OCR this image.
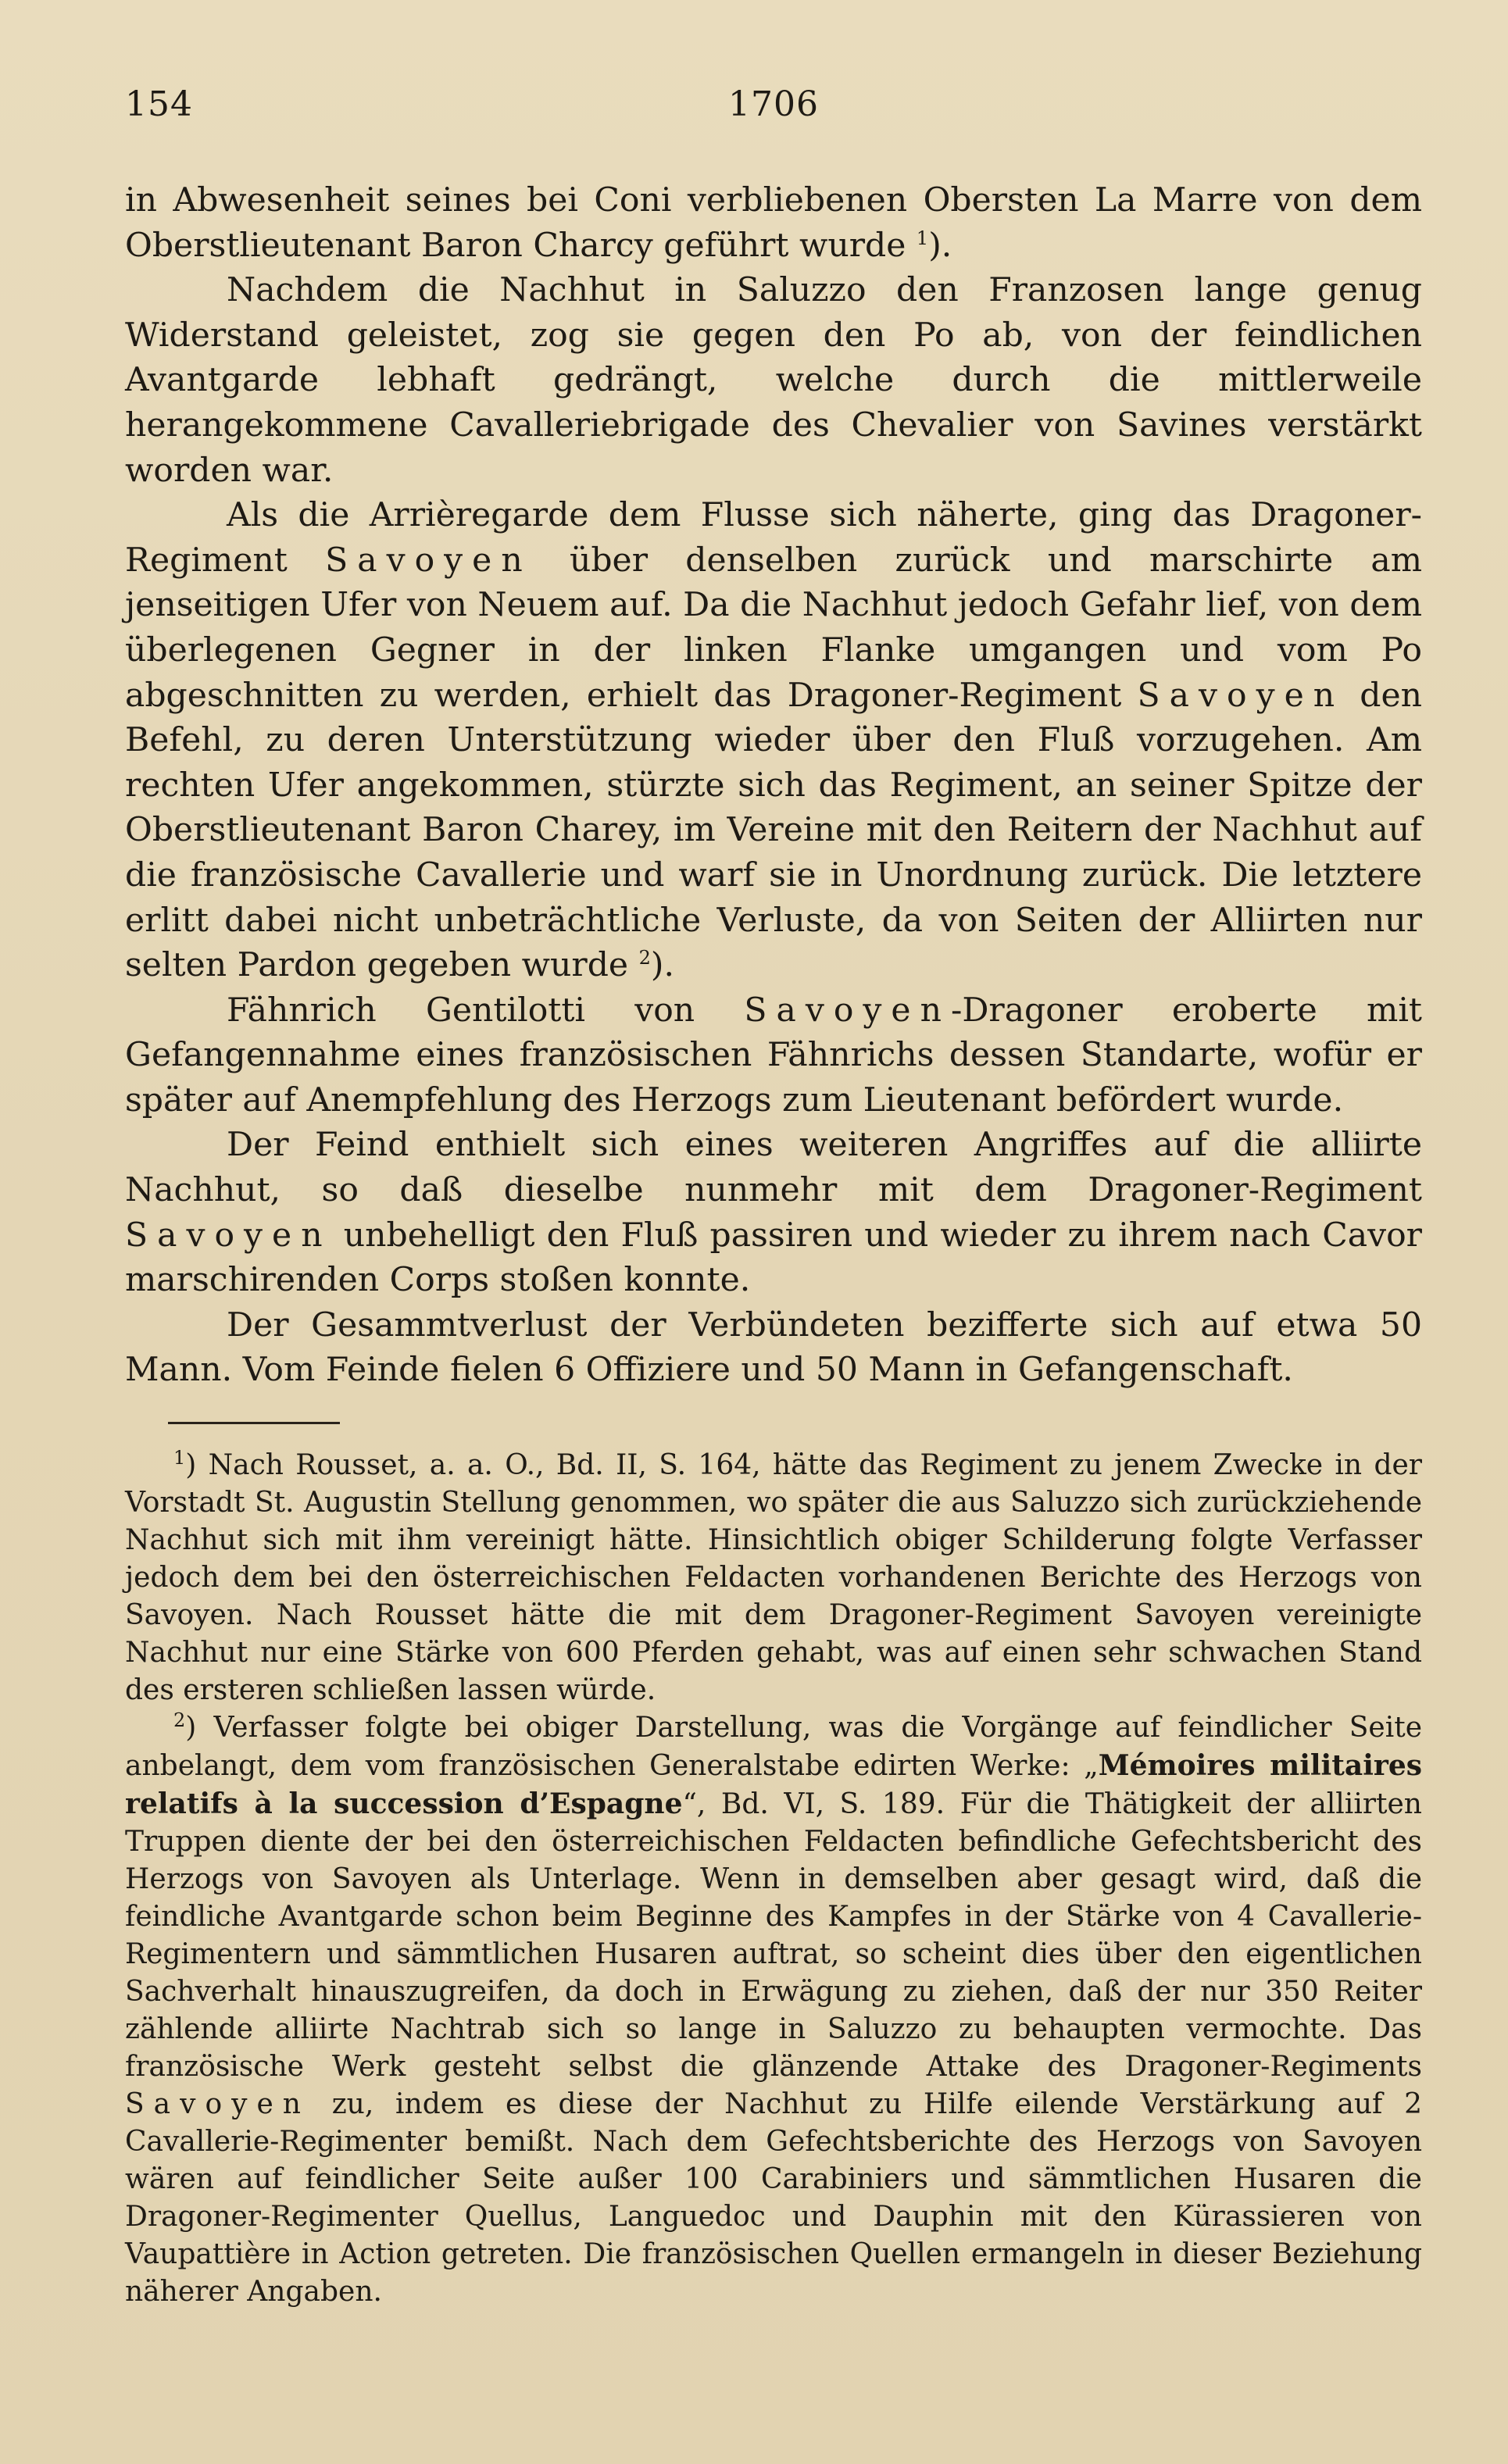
154	1706

in Abwesenheit seines bei Coni verbliebenen Obersten La Marre von dem Oberstlieutenant Baron Charcy geführt wurde $^1$).

Nachdem die Nachhut in Saluzzo den Franzosen lange genug Widerstand geleistet, zog sie gegen den Po ab, von der feindlichen Avantgarde lebhaft gedrängt, welche durch die mittlerweile herangekommene Cavalleriebrigade des Chevalier von Savines verstärkt worden war.

Als die Arrièregarde dem Flusse sich näherte, ging das Dragoner-Regiment Savoyen über denselben zurück und marschirte am jenseitigen Ufer von Neuem auf. Da die Nachhut jedoch Gefahr lief, von dem überlegenen Gegner in der linken Flanke umgangen und vom Po abgeschnitten zu werden, erhielt das Dragoner-Regiment Savoyen den Befehl, zu deren Unterstützung wieder über den Fluß vorzugehen. Am rechten Ufer angekommen, stürzte sich das Regiment, an seiner Spitze der Oberstlieutenant Baron Charey, im Vereine mit den Reitern der Nachhut auf die französische Cavallerie und warf sie in Unordnung zurück. Die letztere erlitt dabei nicht unbeträchtliche Verluste, da von Seiten der Alliirten nur selten Pardon gegeben wurde $^2$).

Fähnrich Gentilotti von Savoyen-Dragoner eroberte mit Gefangennahme eines französischen Fähnrichs dessen Standarte, wofür er später auf Anempfehlung des Herzogs zum Lieutenant befördert wurde.

Der Feind enthielt sich eines weiteren Angriffes auf die alliirte Nachhut, so daß dieselbe nunmehr mit dem Dragoner-Regiment Savoyen unbehelligt den Fluß passiren und wieder zu ihrem nach Cavor marschirenden Corps stoßen konnte.

Der Gesammtverlust der Verbündeten bezifferte sich auf etwa 50 Mann. Vom Feinde fielen 6 Offiziere und 50 Mann in Gefangenschaft.

$^1$) Nach Rousset, a. a. O., Bd. II, S. 164, hätte das Regiment zu jenem Zwecke in der Vorstadt St. Augustin Stellung genommen, wo später die aus Saluzzo sich zurückziehende Nachhut sich mit ihm vereinigt hätte. Hinsichtlich obiger Schilderung folgte Verfasser jedoch dem bei den österreichischen Feldacten vorhandenen Berichte des Herzogs von Savoyen. Nach Rousset hätte die mit dem Dragoner-Regiment Savoyen vereinigte Nachhut nur eine Stärke von 600 Pferden gehabt, was auf einen sehr schwachen Stand des ersteren schließen lassen würde.

$^2$) Verfasser folgte bei obiger Darstellung, was die Vorgänge auf feindlicher Seite anbelangt, dem vom französischen Generalstabe edirten Werke: „Mémoires militaires relatifs à la succession d’Espagne“, Bd. VI, S. 189. Für die Thätigkeit der alliirten Truppen diente der bei den österreichischen Feldacten befindliche Gefechtsbericht des Herzogs von Savoyen als Unterlage. Wenn in demselben aber gesagt wird, daß die feindliche Avantgarde schon beim Beginne des Kampfes in der Stärke von 4 Cavallerie-Regimentern und sämmtlichen Husaren auftrat, so scheint dies über den eigentlichen Sachverhalt hinauszugreifen, da doch in Erwägung zu ziehen, daß der nur 350 Reiter zählende alliirte Nachtrab sich so lange in Saluzzo zu behaupten vermochte. Das französische Werk gesteht selbst die glänzende Attake des Dragoner-Regiments Savoyen zu, indem es diese der Nachhut zu Hilfe eilende Verstärkung auf 2 Cavallerie-Regimenter bemißt. Nach dem Gefechtsberichte des Herzogs von Savoyen wären auf feindlicher Seite außer 100 Carabiniers und sämmtlichen Husaren die Dragoner-Regimenter Quellus, Languedoc und Dauphin mit den Kürassieren von Vaupattière in Action getreten. Die französischen Quellen ermangeln in dieser Beziehung näherer Angaben.
